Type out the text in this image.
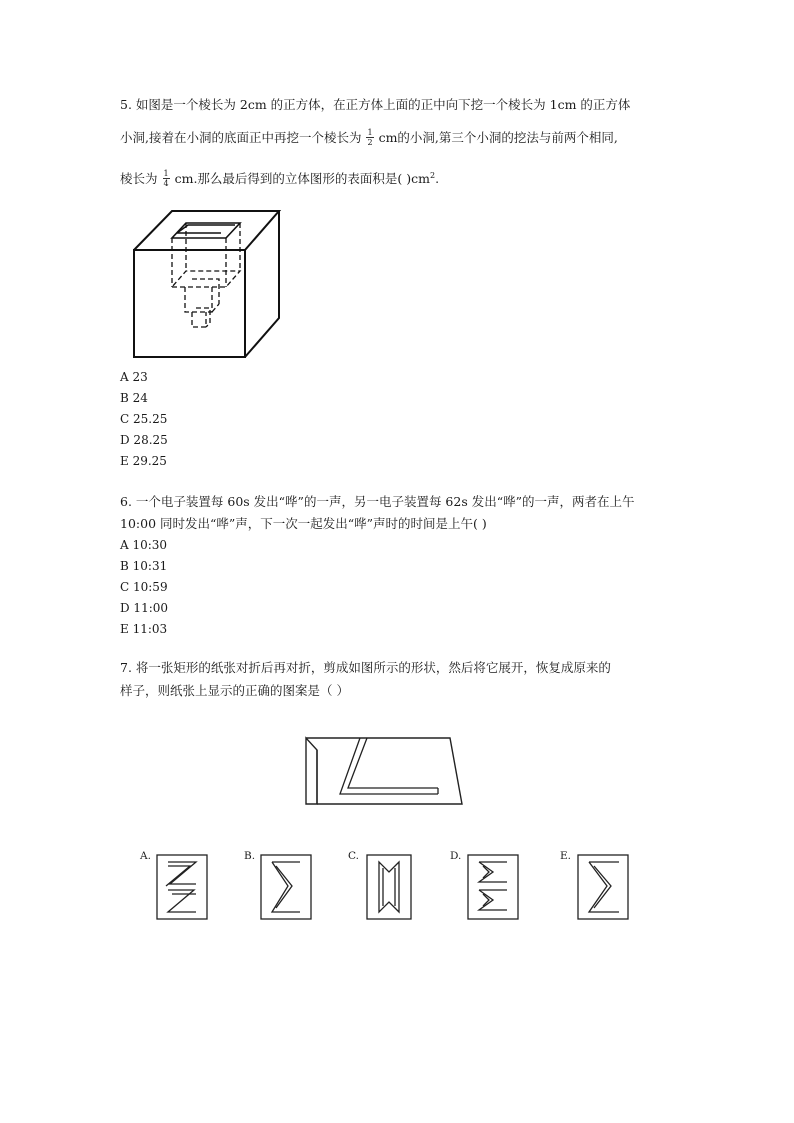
5. 如图是一个棱长为 2cm 的正方体，在正方体上面的正中向下挖一个棱长为 1cm 的正方体
小洞,接着在小洞的底面正中再挖一个棱长为 $\frac{1}{2}$ cm的小洞,第三个小洞的挖法与前两个相同,
棱长为 $\frac{1}{4}$ cm.那么最后得到的立体图形的表面积是( )$cm^2$.
A 23
B 24
C 25.25
D 28.25
E 29.25
6. 一个电子装置每 60s 发出“哗”的一声，另一电子装置每 62s 发出“哗”的一声，两者在上午
10:00 同时发出“哗”声，下一次一起发出“哗”声时的时间是上午( )
A 10:30
B 10:31
C 10:59
D 11:00
E 11:03
7. 将一张矩形的纸张对折后再对折，剪成如图所示的形状，然后将它展开，恢复成原来的
样子，则纸张上显示的正确的图案是（ ）
A.	B.	C.	D.	E.
